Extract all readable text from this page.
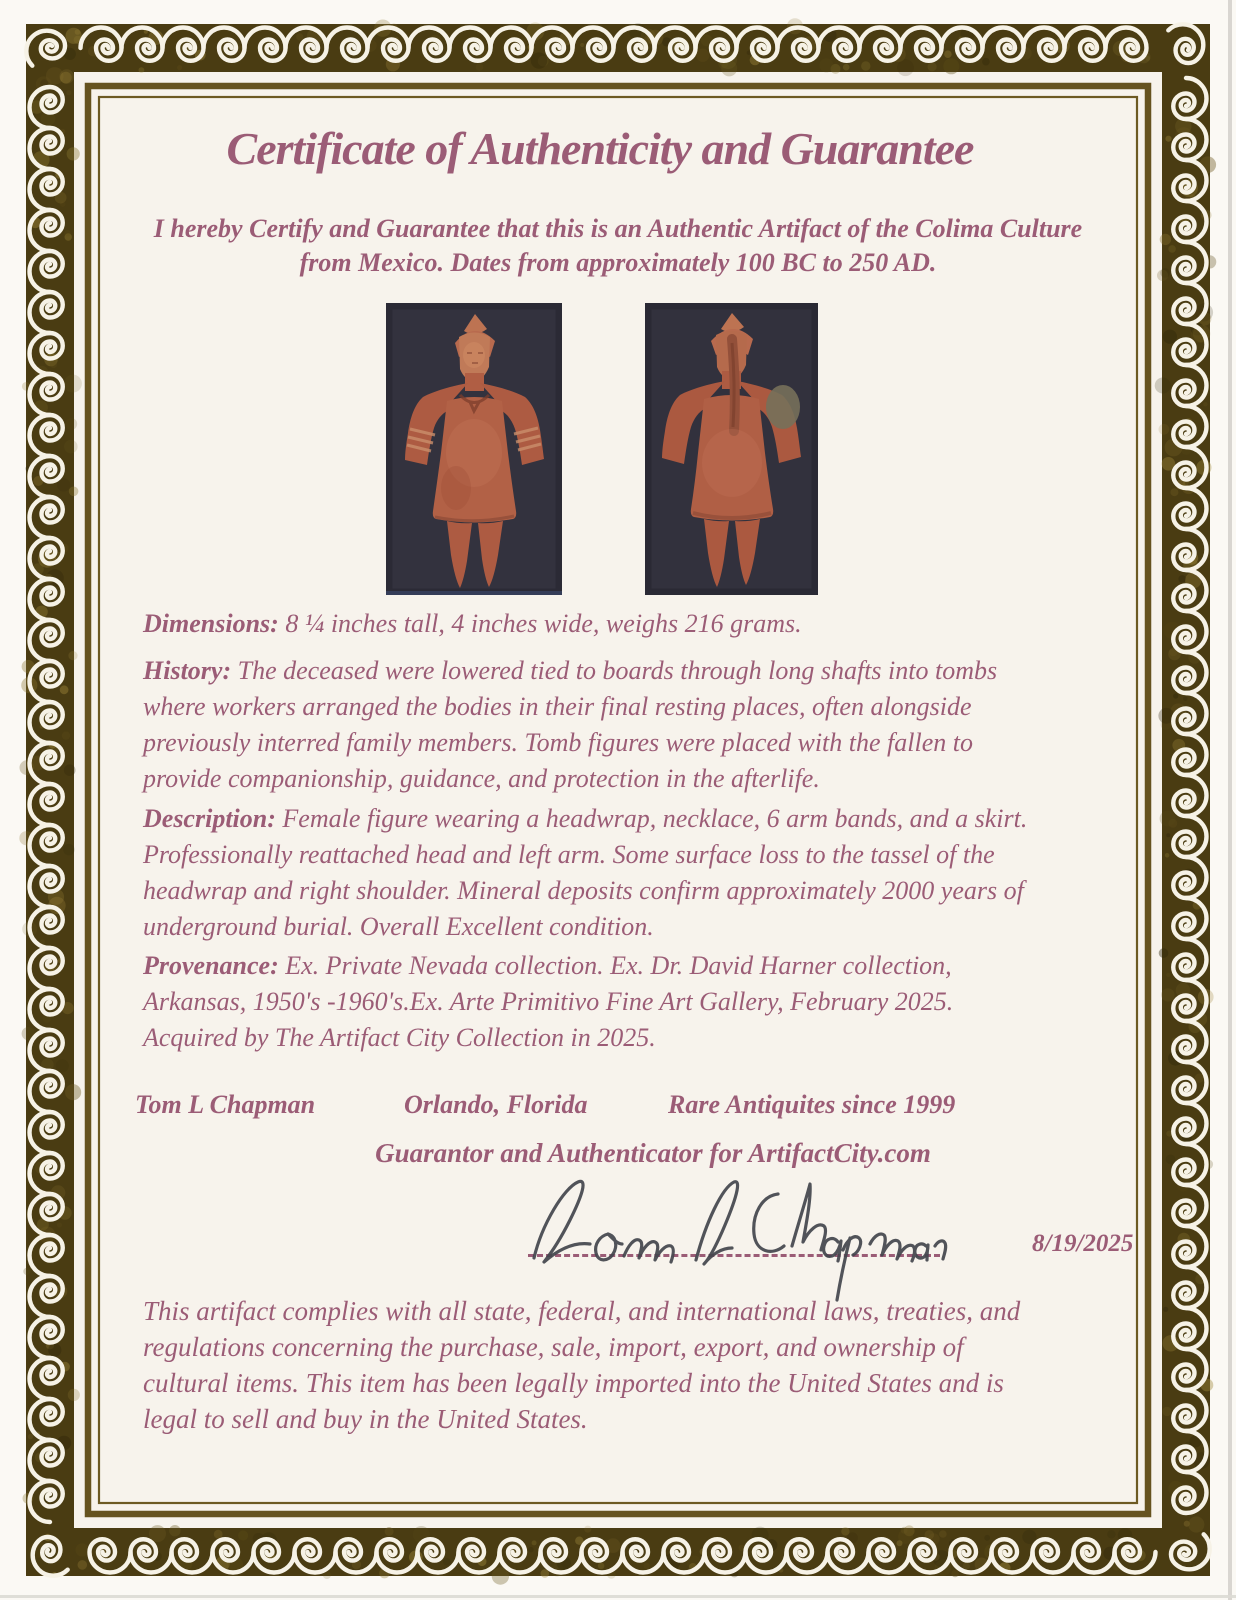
Certificate of Authenticity and Guarantee

I hereby Certify and Guarantee that this is an Authentic Artifact of the Colima Culture from Mexico. Dates from approximately 100 BC to 250 AD.

Dimensions: 8 ¼ inches tall, 4 inches wide, weighs 216 grams.

History: The deceased were lowered tied to boards through long shafts into tombs where workers arranged the bodies in their final resting places, often alongside previously interred family members. Tomb figures were placed with the fallen to provide companionship, guidance, and protection in the afterlife.

Description: Female figure wearing a headwrap, necklace, 6 arm bands, and a skirt. Professionally reattached head and left arm. Some surface loss to the tassel of the headwrap and right shoulder. Mineral deposits confirm approximately 2000 years of underground burial. Overall Excellent condition.

Provenance: Ex. Private Nevada collection. Ex. Dr. David Harner collection, Arkansas, 1950's -1960's.Ex. Arte Primitivo Fine Art Gallery, February 2025. Acquired by The Artifact City Collection in 2025.

Tom L Chapman	Orlando, Florida	Rare Antiquites since 1999

Guarantor and Authenticator for ArtifactCity.com

8/19/2025

This artifact complies with all state, federal, and international laws, treaties, and regulations concerning the purchase, sale, import, export, and ownership of cultural items. This item has been legally imported into the United States and is legal to sell and buy in the United States.
